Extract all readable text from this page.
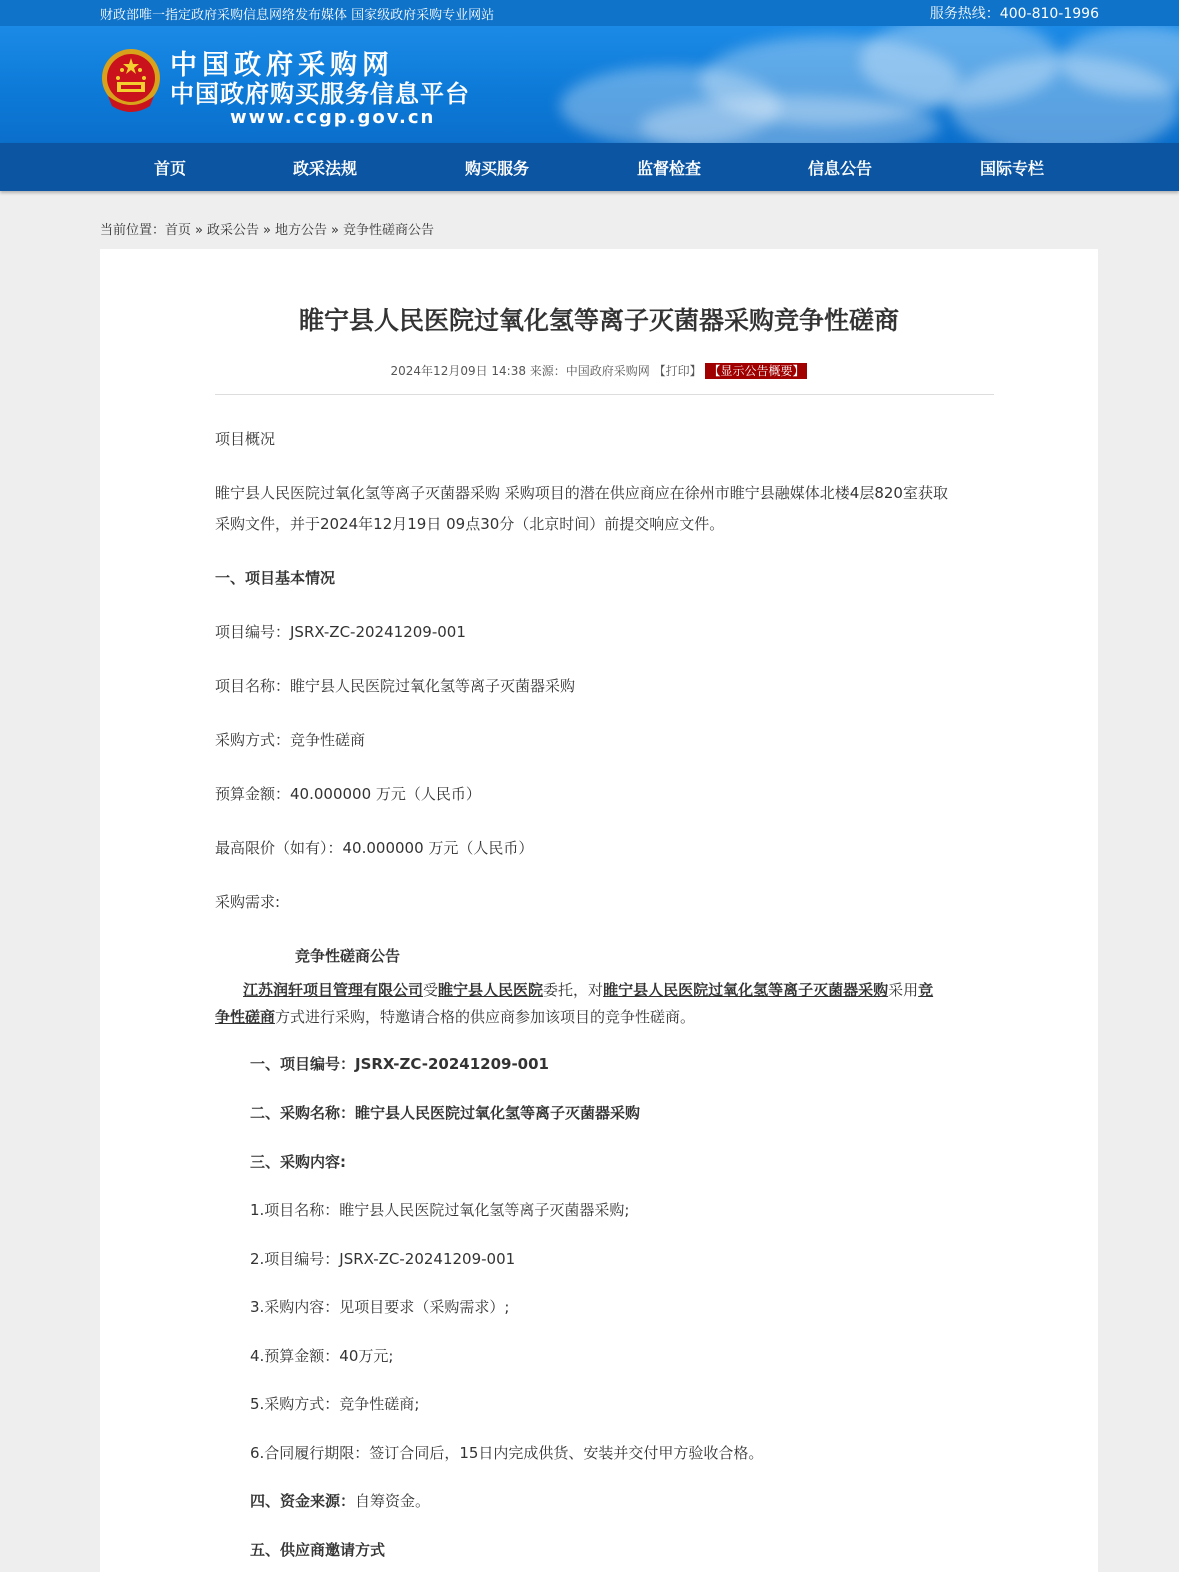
财政部唯一指定政府采购信息网络发布媒体 国家级政府采购专业网站	服务热线：400-810-1996
中国政府采购网
中国政府购买服务信息平台
www.ccgp.gov.cn
首页	政采法规	购买服务	监督检查	信息公告	国际专栏
当前位置：首页 » 政采公告 » 地方公告 » 竞争性磋商公告
睢宁县人民医院过氧化氢等离子灭菌器采购竞争性磋商
2024年12月09日 14:38 来源：中国政府采购网 【打印】 【显示公告概要】
项目概况
睢宁县人民医院过氧化氢等离子灭菌器采购 采购项目的潜在供应商应在徐州市睢宁县融媒体北楼4层820室获取
采购文件，并于2024年12月19日 09点30分（北京时间）前提交响应文件。
一、项目基本情况
项目编号：JSRX-ZC-20241209-001
项目名称：睢宁县人民医院过氧化氢等离子灭菌器采购
采购方式：竞争性磋商
预算金额：40.000000 万元（人民币）
最高限价（如有）：40.000000 万元（人民币）
采购需求:
竞争性磋商公告
江苏润轩项目管理有限公司受睢宁县人民医院委托，对睢宁县人民医院过氧化氢等离子灭菌器采购采用竞
争性磋商方式进行采购，特邀请合格的供应商参加该项目的竞争性磋商。
一、项目编号：JSRX-ZC-20241209-001
二、采购名称：睢宁县人民医院过氧化氢等离子灭菌器采购
三、采购内容:
1.项目名称：睢宁县人民医院过氧化氢等离子灭菌器采购;
2.项目编号：JSRX-ZC-20241209-001
3.采购内容：见项目要求（采购需求）;
4.预算金额：40万元;
5.采购方式：竞争性磋商;
6.合同履行期限：签订合同后，15日内完成供货、安装并交付甲方验收合格。
四、资金来源：自筹资金。
五、供应商邀请方式
